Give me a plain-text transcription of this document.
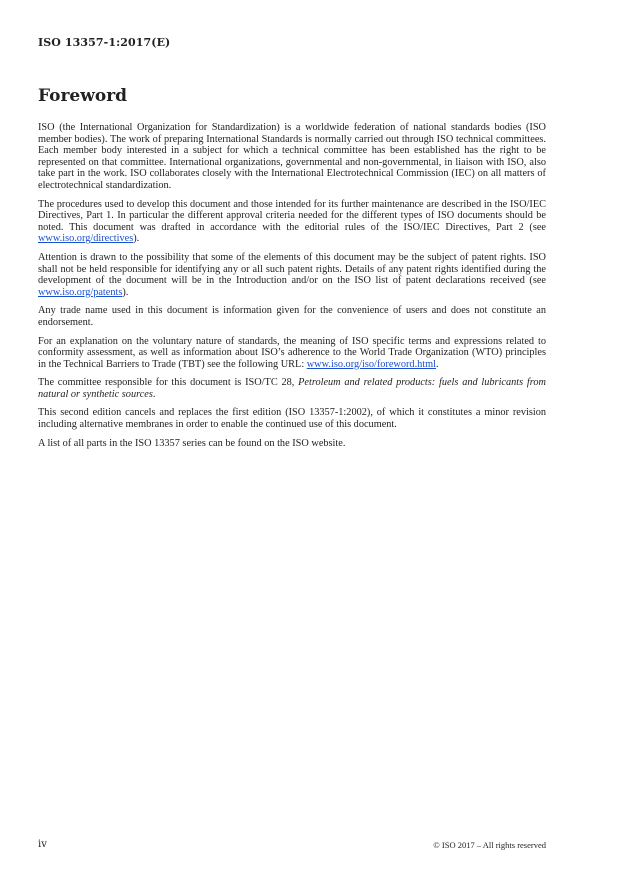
ISO 13357-1:2017(E)
Foreword

ISO (the International Organization for Standardization) is a worldwide federation of national standards bodies (ISO member bodies). The work of preparing International Standards is normally carried out through ISO technical committees. Each member body interested in a subject for which a technical committee has been established has the right to be represented on that committee. International organizations, governmental and non-governmental, in liaison with ISO, also take part in the work. ISO collaborates closely with the International Electrotechnical Commission (IEC) on all matters of electrotechnical standardization.

The procedures used to develop this document and those intended for its further maintenance are described in the ISO/IEC Directives, Part 1. In particular the different approval criteria needed for the different types of ISO documents should be noted. This document was drafted in accordance with the editorial rules of the ISO/IEC Directives, Part 2 (see www.iso.org/directives).

Attention is drawn to the possibility that some of the elements of this document may be the subject of patent rights. ISO shall not be held responsible for identifying any or all such patent rights. Details of any patent rights identified during the development of the document will be in the Introduction and/or on the ISO list of patent declarations received (see www.iso.org/patents).

Any trade name used in this document is information given for the convenience of users and does not constitute an endorsement.

For an explanation on the voluntary nature of standards, the meaning of ISO specific terms and expressions related to conformity assessment, as well as information about ISO’s adherence to the World Trade Organization (WTO) principles in the Technical Barriers to Trade (TBT) see the following URL: www.iso.org/iso/foreword.html.

The committee responsible for this document is ISO/TC 28, Petroleum and related products: fuels and lubricants from natural or synthetic sources.

This second edition cancels and replaces the first edition (ISO 13357-1:2002), of which it constitutes a minor revision including alternative membranes in order to enable the continued use of this document.

A list of all parts in the ISO 13357 series can be found on the ISO website.

iv	© ISO 2017 – All rights reserved
